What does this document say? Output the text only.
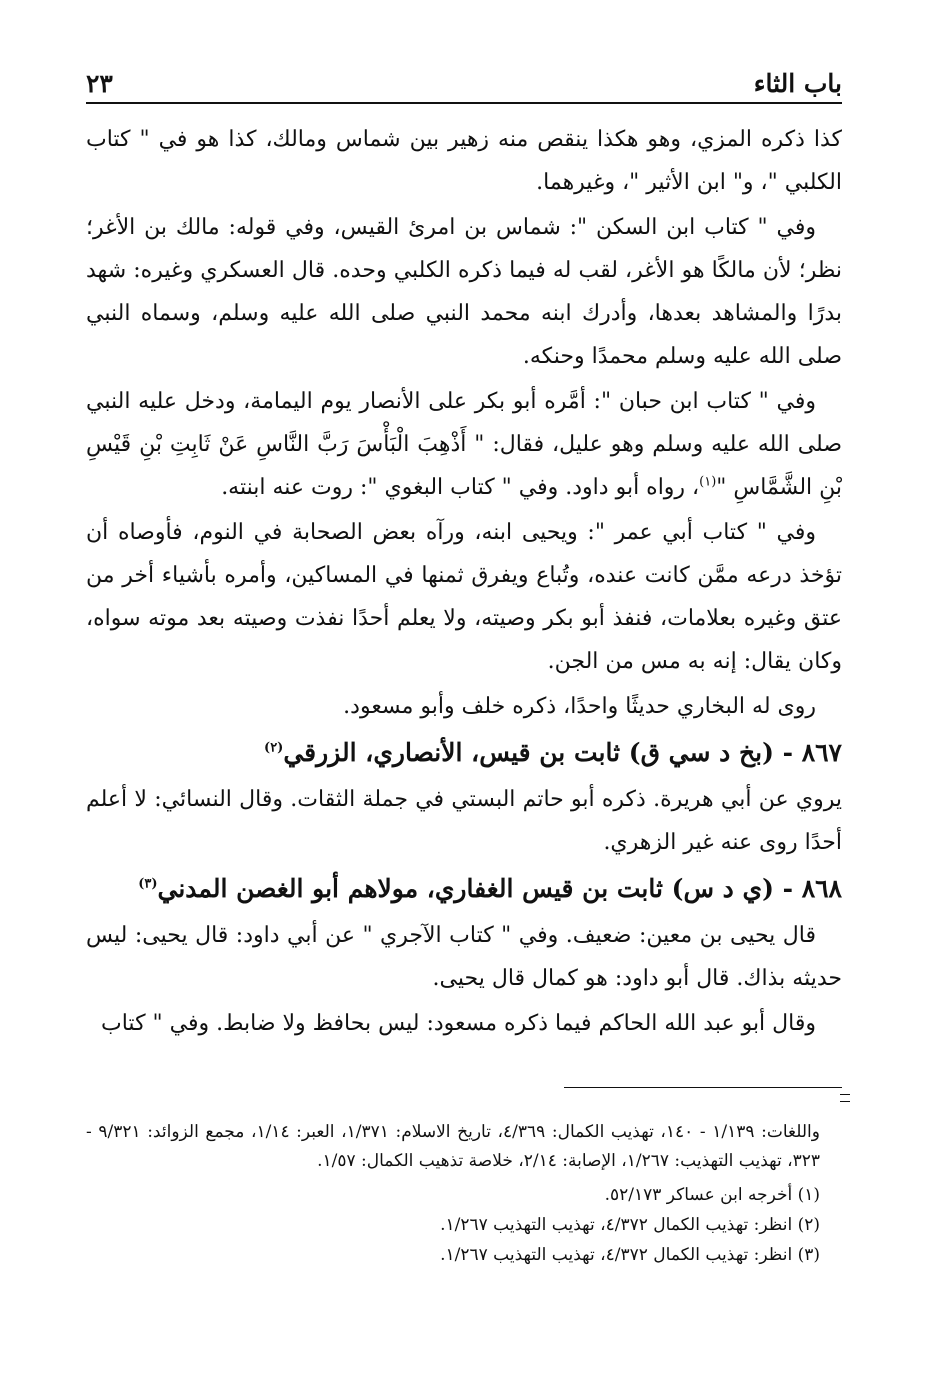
باب الثاء
٢٣

كذا ذكره المزي، وهو هكذا ينقص منه زهير بين شماس ومالك، كذا هو في " كتاب الكلبي "، و" ابن الأثير "، وغيرهما.

وفي " كتاب ابن السكن ": شماس بن امرئ القيس، وفي قوله: مالك بن الأغر؛ نظر؛ لأن مالكًا هو الأغر، لقب له فيما ذكره الكلبي وحده. قال العسكري وغيره: شهد بدرًا والمشاهد بعدها، وأدرك ابنه محمد النبي صلى الله عليه وسلم، وسماه النبي صلى الله عليه وسلم محمدًا وحنكه.

وفي " كتاب ابن حبان ": أمَّره أبو بكر على الأنصار يوم اليمامة، ودخل عليه النبي صلى الله عليه وسلم وهو عليل، فقال: " أَذْهِبَ الْبَأْسَ رَبَّ النَّاسِ عَنْ ثَابِتِ بْنِ قَيْسِ بْنِ الشَّمَّاسِ "$^{(١)}$، رواه أبو داود. وفي " كتاب البغوي ": روت عنه ابنته.

وفي " كتاب أبي عمر ": ويحيى ابنه، ورآه بعض الصحابة في النوم، فأوصاه أن تؤخذ درعه ممَّن كانت عنده، وتُباع ويفرق ثمنها في المساكين، وأمره بأشياء أخر من عتق وغيره بعلامات، فنفذ أبو بكر وصيته، ولا يعلم أحدًا نفذت وصيته بعد موته سواه، وكان يقال: إنه به مس من الجن.

روى له البخاري حديثًا واحدًا، ذكره خلف وأبو مسعود.

٨٦٧ - (بخ د سي ق) ثابت بن قيس، الأنصاري، الزرقي$^{(٢)}$

يروي عن أبي هريرة. ذكره أبو حاتم البستي في جملة الثقات. وقال النسائي: لا أعلم أحدًا روى عنه غير الزهري.

٨٦٨ - (ي د س) ثابت بن قيس الغفاري، مولاهم أبو الغصن المدني$^{(٣)}$

قال يحيى بن معين: ضعيف. وفي " كتاب الآجري " عن أبي داود: قال يحيى: ليس حديثه بذاك. قال أبو داود: هو كمال قال يحيى.

وقال أبو عبد الله الحاكم فيما ذكره مسعود: ليس بحافظ ولا ضابط. وفي " كتاب

واللغات: ١/١٣٩ - ١٤٠، تهذيب الكمال: ٤/٣٦٩، تاريخ الاسلام: ١/٣٧١، العبر: ١/١٤، مجمع الزوائد: ٩/٣٢١ - ٣٢٣، تهذيب التهذيب: ١/٢٦٧، الإصابة: ٢/١٤، خلاصة تذهيب الكمال: ١/٥٧.

(١) أخرجه ابن عساكر ٥٢/١٧٣.

(٢) انظر: تهذيب الكمال ٤/٣٧٢، تهذيب التهذيب ١/٢٦٧.

(٣) انظر: تهذيب الكمال ٤/٣٧٢، تهذيب التهذيب ١/٢٦٧.
